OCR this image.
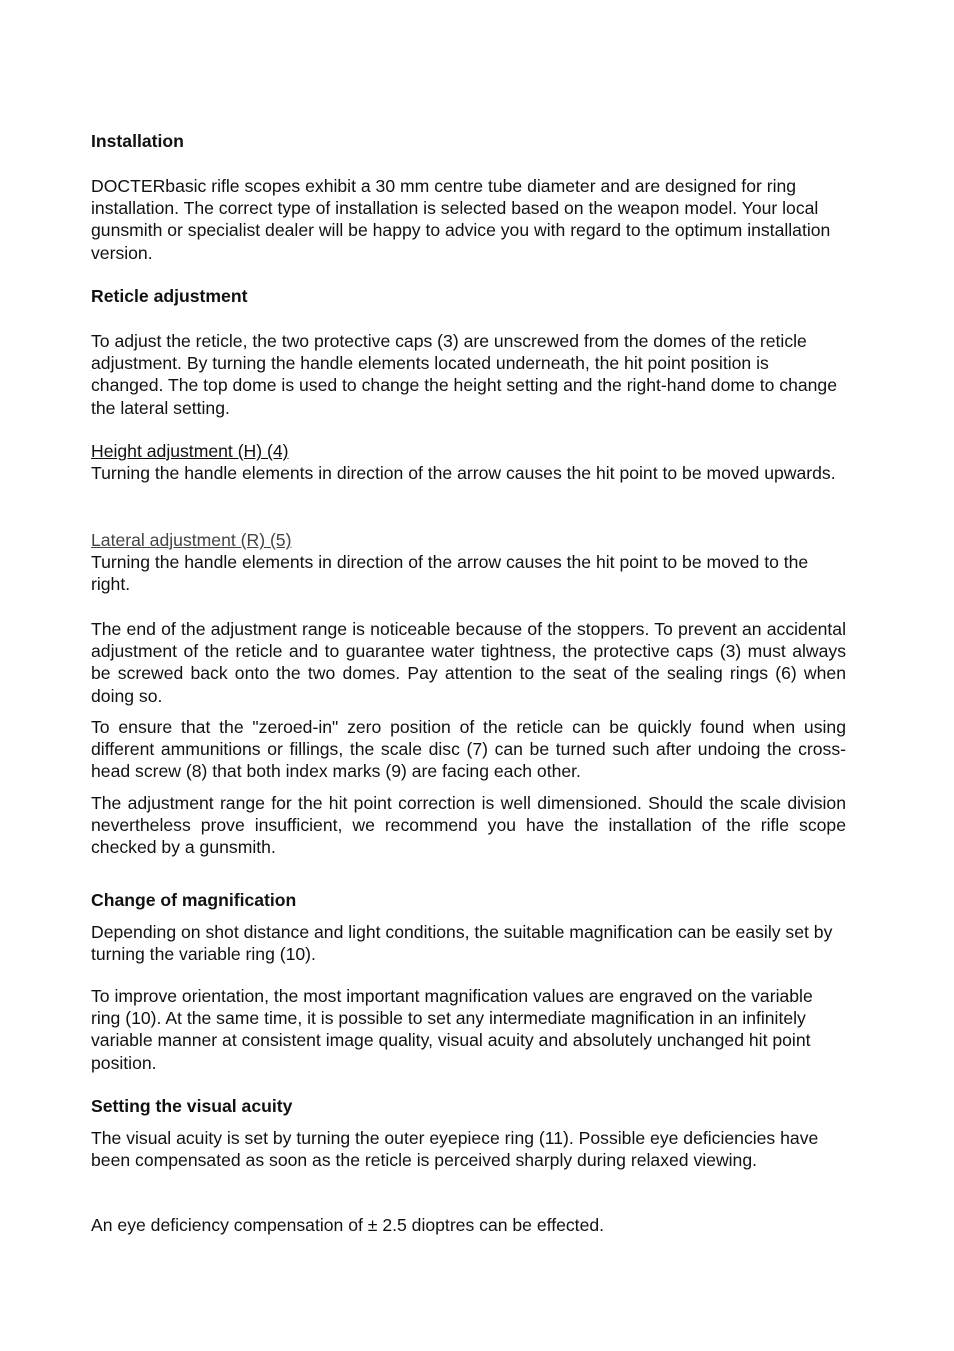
Installation

DOCTERbasic rifle scopes exhibit a 30 mm centre tube diameter and are designed for ring installation. The correct type of installation is selected based on the weapon model. Your local gunsmith or specialist dealer will be happy to advice you with regard to the optimum installation version.

Reticle adjustment

To adjust the reticle, the two protective caps (3) are unscrewed from the domes of the reticle adjustment. By turning the handle elements located underneath, the hit point position is changed. The top dome is used to change the height setting and the right-hand dome to change the lateral setting.

Height adjustment (H) (4)
Turning the handle elements in direction of the arrow causes the hit point to be moved upwards.

Lateral adjustment (R) (5)
Turning the handle elements in direction of the arrow causes the hit point to be moved to the right.

The end of the adjustment range is noticeable because of the stoppers. To prevent an accidental adjustment of the reticle and to guarantee water tightness, the protective caps (3) must always be screwed back onto the two domes. Pay attention to the seat of the sealing rings (6) when doing so.

To ensure that the "zeroed-in" zero position of the reticle can be quickly found when using different ammunitions or fillings, the scale disc (7) can be turned such after undoing the cross-head screw (8) that both index marks (9) are facing each other.

The adjustment range for the hit point correction is well dimensioned. Should the scale division nevertheless prove insufficient, we recommend you have the installation of the rifle scope checked by a gunsmith.

Change of magnification

Depending on shot distance and light conditions, the suitable magnification can be easily set by turning the variable ring (10).

To improve orientation, the most important magnification values are engraved on the variable ring (10). At the same time, it is possible to set any intermediate magnification in an infinitely variable manner at consistent image quality, visual acuity and absolutely unchanged hit point position.

Setting the visual acuity

The visual acuity is set by turning the outer eyepiece ring (11). Possible eye deficiencies have been compensated as soon as the reticle is perceived sharply during relaxed viewing.

An eye deficiency compensation of ± 2.5 dioptres can be effected.
